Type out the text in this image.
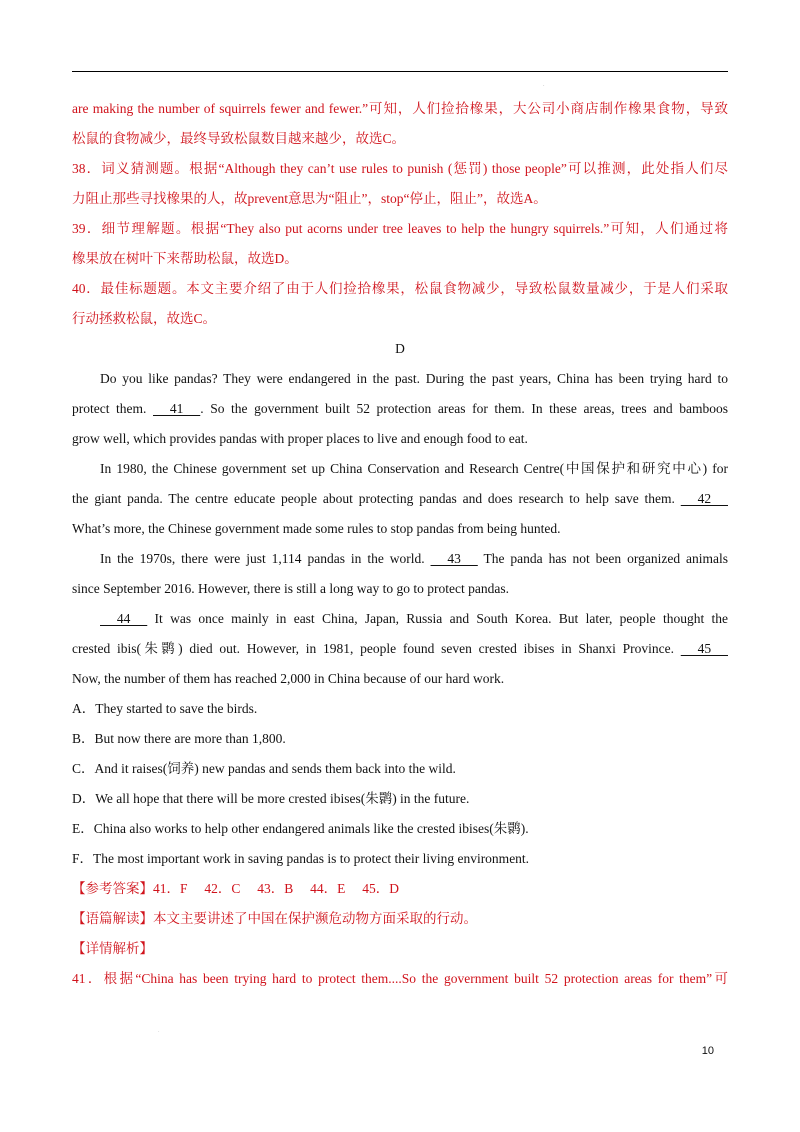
.
are making the number of squirrels fewer and fewer.”可知，人们捡拾橡果，大公司小商店制作橡果食物，导致
松鼠的食物减少，最终导致松鼠数目越来越少，故选C。
38．词义猜测题。根据“Although they can’t use rules to punish (惩罚) those people”可以推测，此处指人们尽
力阻止那些寻找橡果的人，故prevent意思为“阻止”，stop“停止，阻止”，故选A。
39．细节理解题。根据“They also put acorns under tree leaves to help the hungry squirrels.”可知，人们通过将
橡果放在树叶下来帮助松鼠，故选D。
40．最佳标题题。本文主要介绍了由于人们捡拾橡果，松鼠食物减少，导致松鼠数量减少，于是人们采取
行动拯救松鼠，故选C。
D
Do you like pandas? They were endangered in the past. During the past years, China has been trying hard to
protect them.      41     . So the government built 52 protection areas for them. In these areas, trees and bamboos
grow well, which provides pandas with proper places to live and enough food to eat.
In 1980, the Chinese government set up China Conservation and Research Centre(中国保护和研究中心) for
the giant panda. The centre educate people about protecting pandas and does research to help save them.      42
What’s more, the Chinese government made some rules to stop pandas from being hunted.
In the 1970s, there were just 1,114 pandas in the world.      43      The panda has not been organized animals
since September 2016. However, there is still a long way to go to protect pandas.
44      It was once mainly in east China, Japan, Russia and South Korea. But later, people thought the
crested ibis(朱鹮) died out. However, in 1981, people found seven crested ibises in Shanxi Province.      45
Now, the number of them has reached 2,000 in China because of our hard work.
A．They started to save the birds.
B．But now there are more than 1,800.
C．And it raises(饲养) new pandas and sends them back into the wild.
D．We all hope that there will be more crested ibises(朱鹮) in the future.
E．China also works to help other endangered animals like the crested ibises(朱鹮).
F．The most important work in saving pandas is to protect their living environment.
【参考答案】41．F     42．C     43．B     44．E     45．D
【语篇解读】本文主要讲述了中国在保护濒危动物方面采取的行动。
【详情解析】
41．根据“China has been trying hard to protect them....So the government built 52 protection areas for them”可
.
10
